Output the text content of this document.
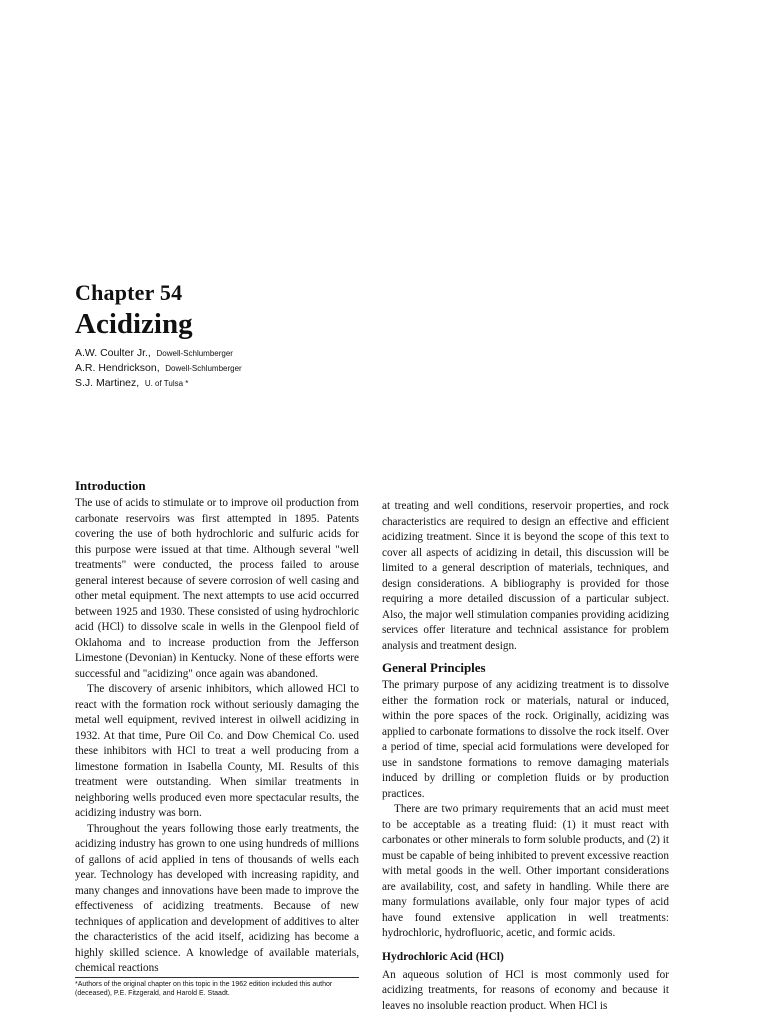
Chapter 54
Acidizing
A.W. Coulter Jr., Dowell-Schlumberger
A.R. Hendrickson, Dowell-Schlumberger
S.J. Martinez, U. of Tulsa *
Introduction

The use of acids to stimulate or to improve oil production from carbonate reservoirs was first attempted in 1895. Patents covering the use of both hydrochloric and sulfuric acids for this purpose were issued at that time. Although several "well treatments" were conducted, the process failed to arouse general interest because of severe corrosion of well casing and other metal equipment. The next attempts to use acid occurred between 1925 and 1930. These consisted of using hydrochloric acid (HCl) to dissolve scale in wells in the Glenpool field of Oklahoma and to increase production from the Jefferson Limestone (Devonian) in Kentucky. None of these efforts were successful and "acidizing" once again was abandoned.

The discovery of arsenic inhibitors, which allowed HCl to react with the formation rock without seriously damaging the metal well equipment, revived interest in oilwell acidizing in 1932. At that time, Pure Oil Co. and Dow Chemical Co. used these inhibitors with HCl to treat a well producing from a limestone formation in Isabella County, MI. Results of this treatment were outstanding. When similar treatments in neighboring wells produced even more spectacular results, the acidizing industry was born.

Throughout the years following those early treatments, the acidizing industry has grown to one using hundreds of millions of gallons of acid applied in tens of thousands of wells each year. Technology has developed with increasing rapidity, and many changes and innovations have been made to improve the effectiveness of acidizing treatments. Because of new techniques of application and development of additives to alter the characteristics of the acid itself, acidizing has become a highly skilled science. A knowledge of available materials, chemical reactions

at treating and well conditions, reservoir properties, and rock characteristics are required to design an effective and efficient acidizing treatment. Since it is beyond the scope of this text to cover all aspects of acidizing in detail, this discussion will be limited to a general description of materials, techniques, and design considerations. A bibliography is provided for those requiring a more detailed discussion of a particular subject. Also, the major well stimulation companies providing acidizing services offer literature and technical assistance for problem analysis and treatment design.

General Principles

The primary purpose of any acidizing treatment is to dissolve either the formation rock or materials, natural or induced, within the pore spaces of the rock. Originally, acidizing was applied to carbonate formations to dissolve the rock itself. Over a period of time, special acid formulations were developed for use in sandstone formations to remove damaging materials induced by drilling or completion fluids or by production practices.

There are two primary requirements that an acid must meet to be acceptable as a treating fluid: (1) it must react with carbonates or other minerals to form soluble products, and (2) it must be capable of being inhibited to prevent excessive reaction with metal goods in the well. Other important considerations are availability, cost, and safety in handling. While there are many formulations available, only four major types of acid have found extensive application in well treatments: hydrochloric, hydrofluoric, acetic, and formic acids.

Hydrochloric Acid (HCl)

An aqueous solution of HCl is most commonly used for acidizing treatments, for reasons of economy and because it leaves no insoluble reaction product. When HCl is

*Authors of the original chapter on this topic in the 1962 edition included this author (deceased), P.E. Fitzgerald, and Harold E. Staadt.
